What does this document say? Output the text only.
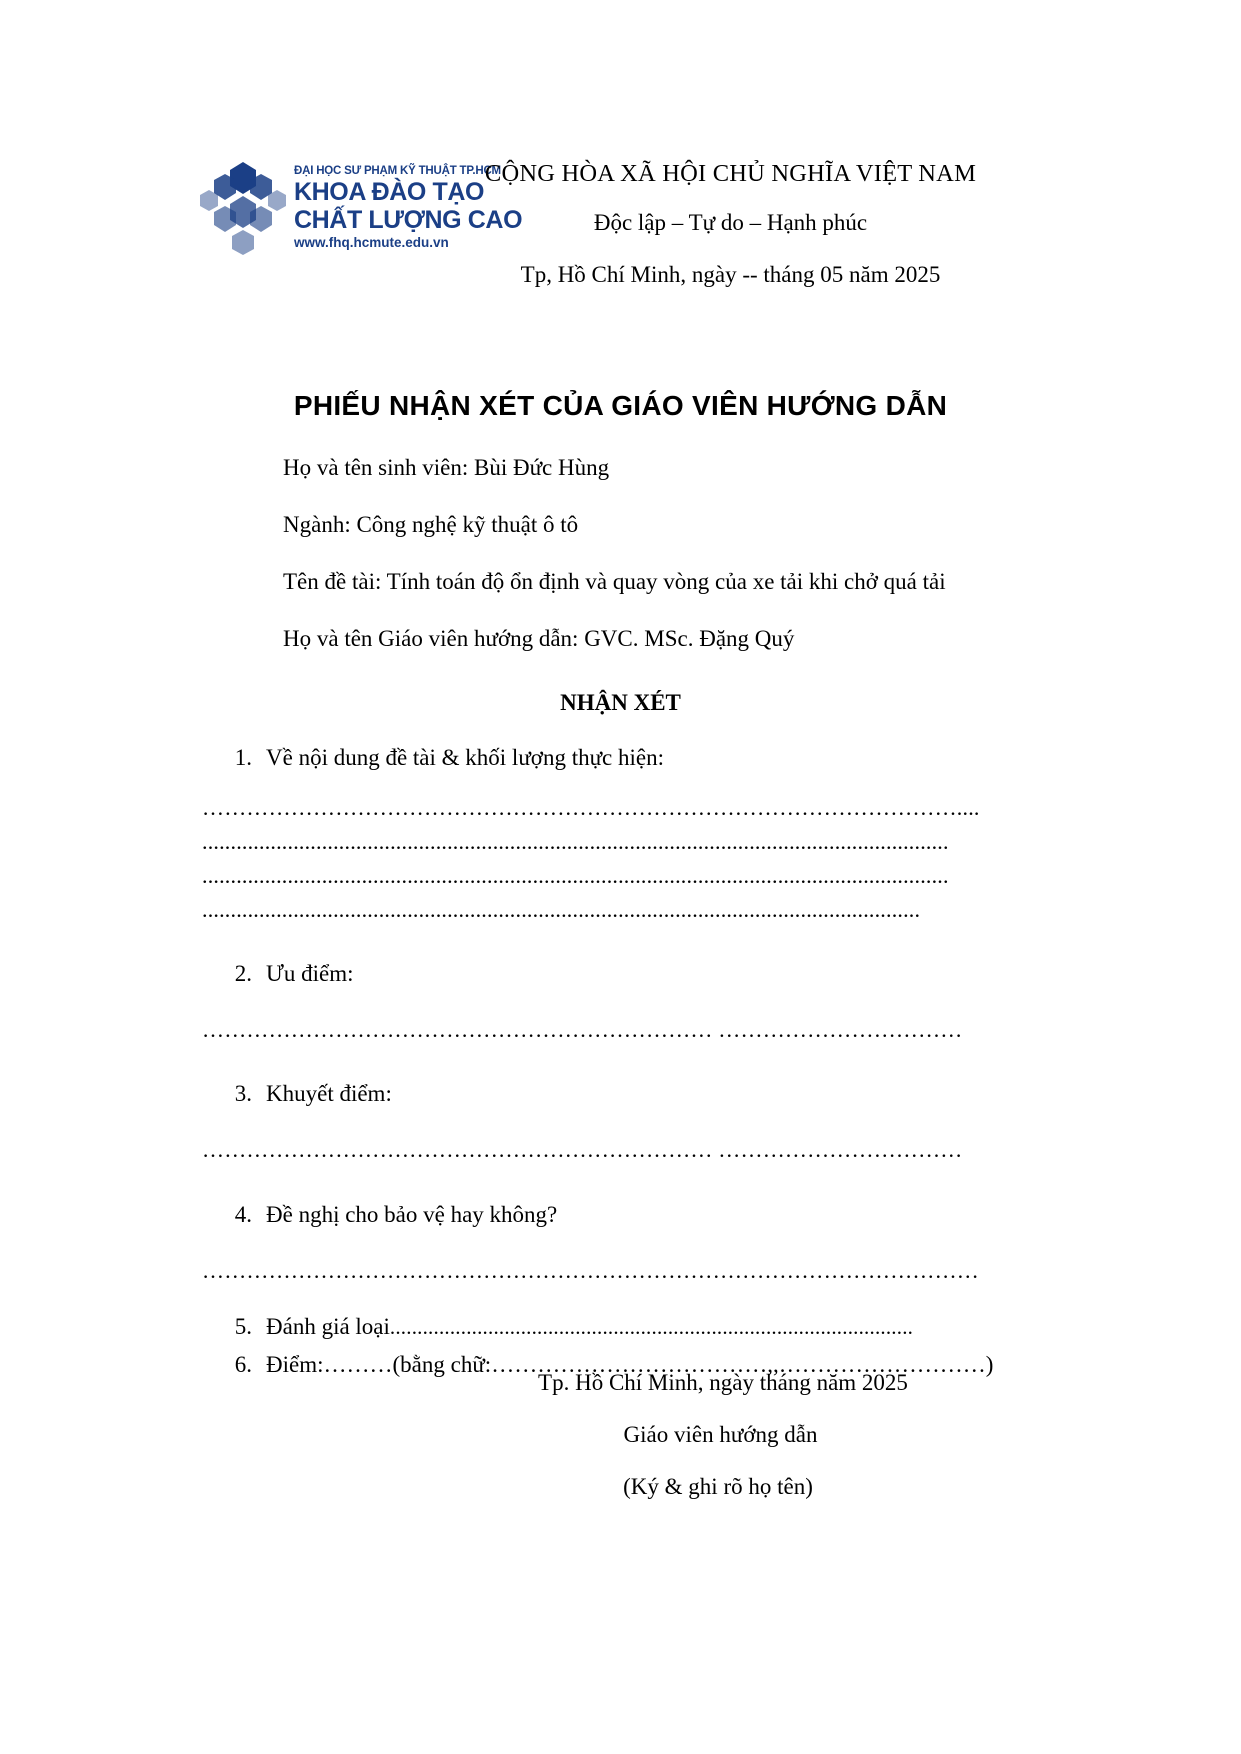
ĐẠI HỌC SƯ PHẠM KỸ THUẬT TP.HCM
KHOA ĐÀO TẠO
CHẤT LƯỢNG CAO
www.fhq.hcmute.edu.vn
CỘNG HÒA XÃ HỘI CHỦ NGHĨA VIỆT NAM
Độc lập – Tự do – Hạnh phúc
Tp, Hồ Chí Minh, ngày -- tháng 05 năm 2025
PHIẾU NHẬN XÉT CỦA GIÁO VIÊN HƯỚNG DẪN
Họ và tên sinh viên: Bùi Đức Hùng
Ngành: Công nghệ kỹ thuật ô tô
Tên đề tài: Tính toán độ ổn định và quay vòng của xe tải khi chở quá tải
Họ và tên Giáo viên hướng dẫn: GVC. MSc. Đặng Quý
NHẬN XÉT
1. Về nội dung đề tài & khối lượng thực hiện:
…………………………………………………………………………………………....
...................................................................................................................................
...................................................................................................................................
..............................................................................................................................
2. Ưu điểm:
…………………………………………………………… ……………………………
3. Khuyết điểm:
…………………………………………………………… ……………………………
4. Đề nghị cho bảo vệ hay không?
……………………………………………………………………………………………
5. Đánh giá loại................................................................................................
6. Điểm:………(bằng chữ:………………………………,,………………………)
Tp. Hồ Chí Minh, ngày tháng năm 2025
Giáo viên hướng dẫn
(Ký & ghi rõ họ tên)
